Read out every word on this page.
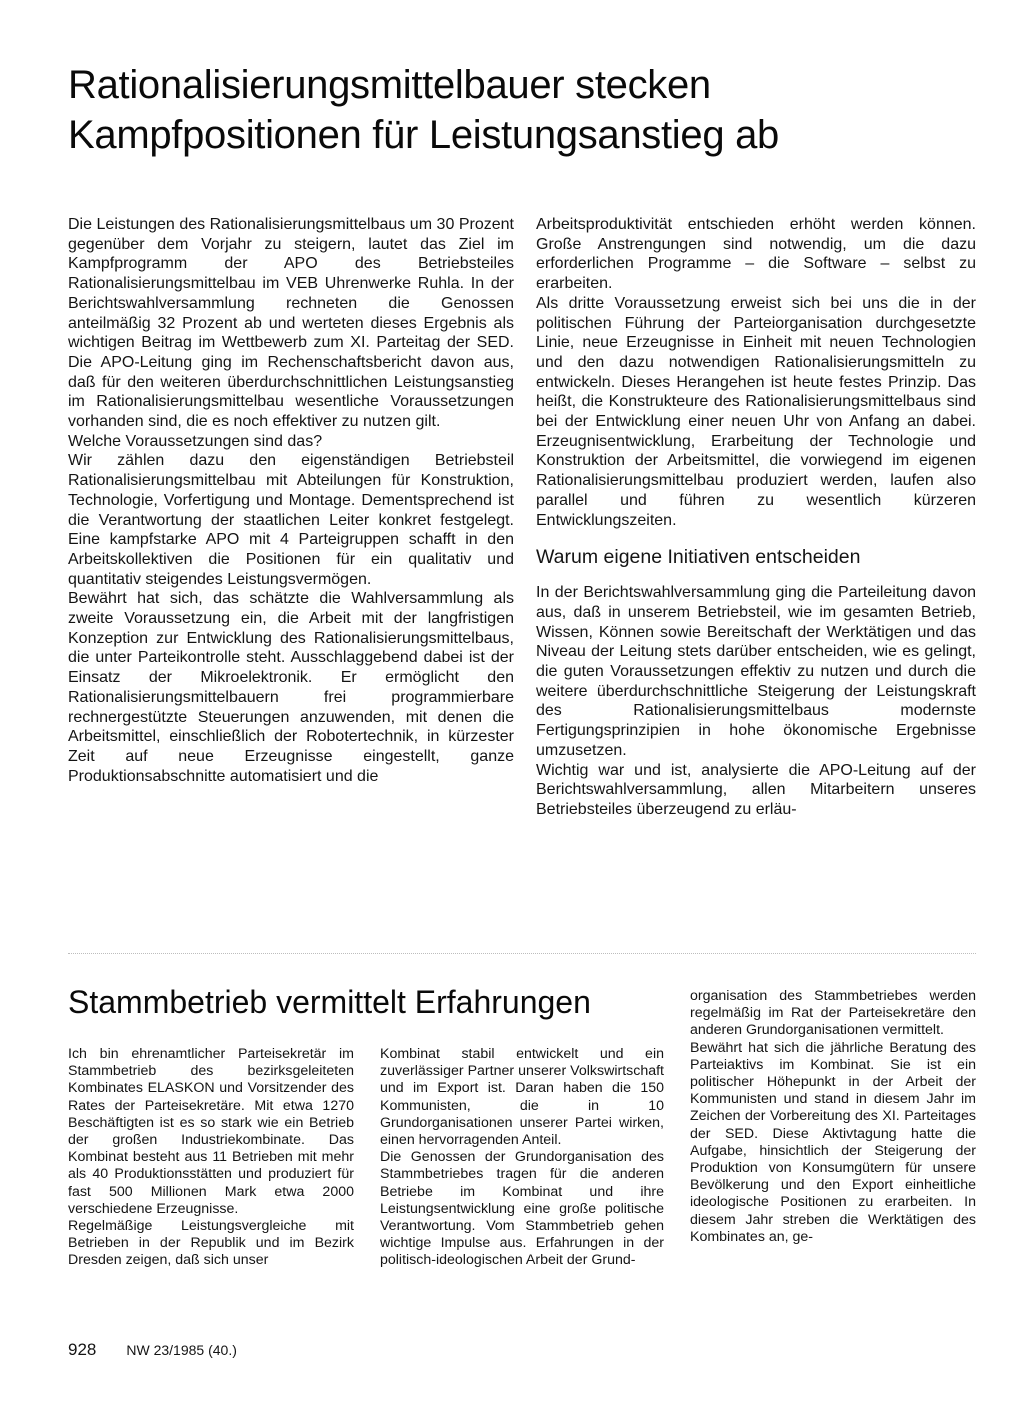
Rationalisierungsmittelbauer stecken
Kampfpositionen für Leistungsanstieg ab

Die Leistungen des Rationalisierungsmittelbaus um 30 Prozent gegenüber dem Vorjahr zu steigern, lautet das Ziel im Kampfprogramm der APO des Betriebsteiles Rationalisierungsmittelbau im VEB Uhrenwerke Ruhla. In der Berichtswahlversammlung rechneten die Genossen anteilmäßig 32 Prozent ab und werteten dieses Ergebnis als wichtigen Beitrag im Wettbewerb zum XI. Parteitag der SED. Die APO-Leitung ging im Rechenschaftsbericht davon aus, daß für den weiteren überdurchschnittlichen Leistungsanstieg im Rationalisierungsmittelbau wesentliche Voraussetzungen vorhanden sind, die es noch effektiver zu nutzen gilt.

Welche Voraussetzungen sind das?

Wir zählen dazu den eigenständigen Betriebsteil Rationalisierungsmittelbau mit Abteilungen für Konstruktion, Technologie, Vorfertigung und Montage. Dementsprechend ist die Verantwortung der staatlichen Leiter konkret festgelegt. Eine kampfstarke APO mit 4 Parteigruppen schafft in den Arbeitskollektiven die Positionen für ein qualitativ und quantitativ steigendes Leistungsvermögen.

Bewährt hat sich, das schätzte die Wahlversammlung als zweite Voraussetzung ein, die Arbeit mit der langfristigen Konzeption zur Entwicklung des Rationalisierungsmittelbaus, die unter Parteikontrolle steht. Ausschlaggebend dabei ist der Einsatz der Mikroelektronik. Er ermöglicht den Rationalisierungsmittelbauern frei programmierbare rechnergestützte Steuerungen anzuwenden, mit denen die Arbeitsmittel, einschließlich der Robotertechnik, in kürzester Zeit auf neue Erzeugnisse eingestellt, ganze Produktionsabschnitte automatisiert und die

Arbeitsproduktivität entschieden erhöht werden können. Große Anstrengungen sind notwendig, um die dazu erforderlichen Programme – die Software – selbst zu erarbeiten.

Als dritte Voraussetzung erweist sich bei uns die in der politischen Führung der Parteiorganisation durchgesetzte Linie, neue Erzeugnisse in Einheit mit neuen Technologien und den dazu notwendigen Rationalisierungsmitteln zu entwickeln. Dieses Herangehen ist heute festes Prinzip. Das heißt, die Konstrukteure des Rationalisierungsmittelbaus sind bei der Entwicklung einer neuen Uhr von Anfang an dabei. Erzeugnisentwicklung, Erarbeitung der Technologie und Konstruktion der Arbeitsmittel, die vorwiegend im eigenen Rationalisierungsmittelbau produziert werden, laufen also parallel und führen zu wesentlich kürzeren Entwicklungszeiten.

Warum eigene Initiativen entscheiden

In der Berichtswahlversammlung ging die Parteileitung davon aus, daß in unserem Betriebsteil, wie im gesamten Betrieb, Wissen, Können sowie Bereitschaft der Werktätigen und das Niveau der Leitung stets darüber entscheiden, wie es gelingt, die guten Voraussetzungen effektiv zu nutzen und durch die weitere überdurchschnittliche Steigerung der Leistungskraft des Rationalisierungsmittelbaus modernste Fertigungsprinzipien in hohe ökonomische Ergebnisse umzusetzen.

Wichtig war und ist, analysierte die APO-Leitung auf der Berichtswahlversammlung, allen Mitarbeitern unseres Betriebsteiles überzeugend zu erläu-

Stammbetrieb vermittelt Erfahrungen

Ich bin ehrenamtlicher Parteisekretär im Stammbetrieb des bezirksgeleiteten Kombinates ELASKON und Vorsitzender des Rates der Parteisekretäre. Mit etwa 1270 Beschäftigten ist es so stark wie ein Betrieb der großen Industriekombinate. Das Kombinat besteht aus 11 Betrieben mit mehr als 40 Produktionsstätten und produziert für fast 500 Millionen Mark etwa 2000 verschiedene Erzeugnisse.

Regelmäßige Leistungsvergleiche mit Betrieben in der Republik und im Bezirk Dresden zeigen, daß sich unser

Kombinat stabil entwickelt und ein zuverlässiger Partner unserer Volkswirtschaft und im Export ist. Daran haben die 150 Kommunisten, die in 10 Grundorganisationen unserer Partei wirken, einen hervorragenden Anteil.

Die Genossen der Grundorganisation des Stammbetriebes tragen für die anderen Betriebe im Kombinat und ihre Leistungsentwicklung eine große politische Verantwortung. Vom Stammbetrieb gehen wichtige Impulse aus. Erfahrungen in der politisch-ideologischen Arbeit der Grund-

organisation des Stammbetriebes werden regelmäßig im Rat der Parteisekretäre den anderen Grundorganisationen vermittelt.

Bewährt hat sich die jährliche Beratung des Parteiaktivs im Kombinat. Sie ist ein politischer Höhepunkt in der Arbeit der Kommunisten und stand in diesem Jahr im Zeichen der Vorbereitung des XI. Parteitages der SED. Diese Aktivtagung hatte die Aufgabe, hinsichtlich der Steigerung der Produktion von Konsumgütern für unsere Bevölkerung und den Export einheitliche ideologische Positionen zu erarbeiten. In diesem Jahr streben die Werktätigen des Kombinates an, ge-

928 NW 23/1985 (40.)
